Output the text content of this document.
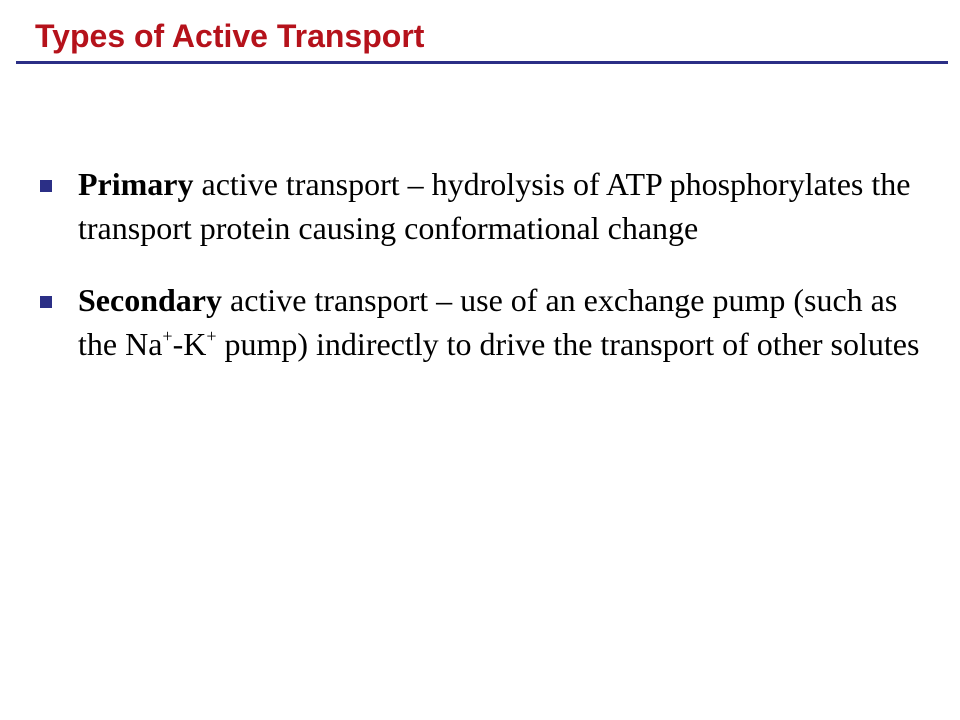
Types of Active Transport
Primary active transport – hydrolysis of ATP phosphorylates the transport protein causing conformational change
Secondary active transport – use of an exchange pump (such as the Na+-K+ pump) indirectly to drive the transport of other solutes
